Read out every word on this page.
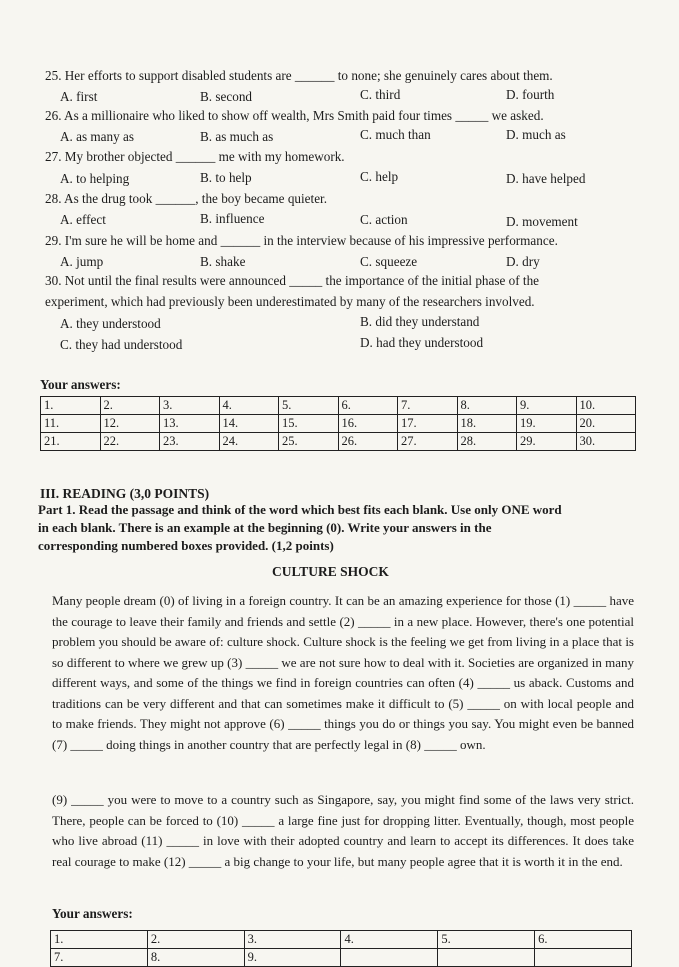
25. Her efforts to support disabled students are ______ to none; she genuinely cares about them.
A. first	B. second	C. third	D. fourth
26. As a millionaire who liked to show off wealth, Mrs Smith paid four times _____ we asked.
A. as many as	B. as much as	C. much than	D. much as
27. My brother objected ______ me with my homework.
A. to helping	B. to help	C. help	D. have helped
28. As the drug took ______, the boy became quieter.
A. effect	B. influence	C. action	D. movement
29. I'm sure he will be home and ______ in the interview because of his impressive performance.
A. jump	B. shake	C. squeeze	D. dry
30. Not until the final results were announced _____ the importance of the initial phase of the
experiment, which had previously been underestimated by many of the researchers involved.
A. they understood	B. did they understand
C. they had understood	D. had they understood
Your answers:
1.	2.	3.	4.	5.	6.	7.	8.	9.	10.
11.	12.	13.	14.	15.	16.	17.	18.	19.	20.
21.	22.	23.	24.	25.	26.	27.	28.	29.	30.
III. READING (3,0 POINTS)
Part 1. Read the passage and think of the word which best fits each blank. Use only ONE word
in each blank. There is an example at the beginning (0). Write your answers in the
corresponding numbered boxes provided. (1,2 points)
CULTURE SHOCK
Many people dream (0) of living in a foreign country. It can be an amazing experience for those (1) _____ have the courage to leave their family and friends and settle (2) _____ in a new place. However, there's one potential problem you should be aware of: culture shock. Culture shock is the feeling we get from living in a place that is so different to where we grew up (3) _____ we are not sure how to deal with it. Societies are organized in many different ways, and some of the things we find in foreign countries can often (4) _____ us aback. Customs and traditions can be very different and that can sometimes make it difficult to (5) _____ on with local people and to make friends. They might not approve (6) _____ things you do or things you say. You might even be banned (7) _____ doing things in another country that are perfectly legal in (8) _____ own.
(9) _____ you were to move to a country such as Singapore, say, you might find some of the laws very strict. There, people can be forced to (10) _____ a large fine just for dropping litter. Eventually, though, most people who live abroad (11) _____ in love with their adopted country and learn to accept its differences. It does take real courage to make (12) _____ a big change to your life, but many people agree that it is worth it in the end.
Your answers:
1.	2.	3.	4.	5.	6.
7.	8.	9.			
